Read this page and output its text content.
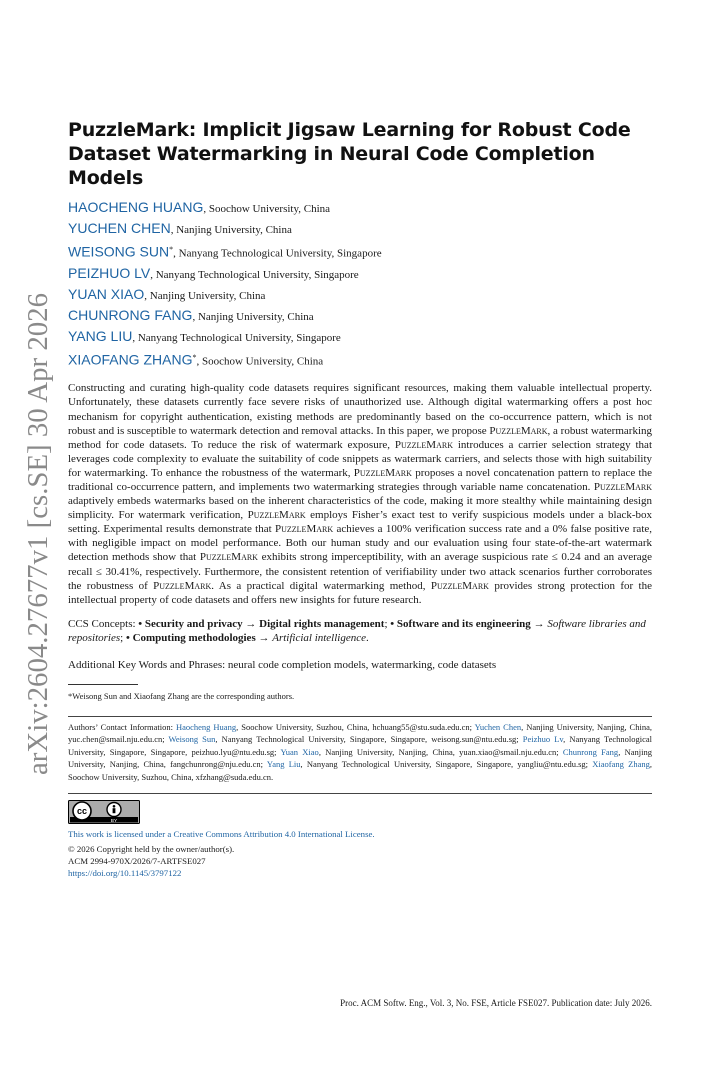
arXiv:2604.27677v1 [cs.SE] 30 Apr 2026
PuzzleMark: Implicit Jigsaw Learning for Robust Code
Dataset Watermarking in Neural Code Completion Models
HAOCHENG HUANG, Soochow University, China
YUCHEN CHEN, Nanjing University, China
WEISONG SUN*, Nanyang Technological University, Singapore
PEIZHUO LV, Nanyang Technological University, Singapore
YUAN XIAO, Nanjing University, China
CHUNRONG FANG, Nanjing University, China
YANG LIU, Nanyang Technological University, Singapore
XIAOFANG ZHANG*, Soochow University, China

Constructing and curating high-quality code datasets requires significant resources, making them valuable intellectual property. Unfortunately, these datasets currently face severe risks of unauthorized use. Although digital watermarking offers a post hoc mechanism for copyright authentication, existing methods are predominantly based on the co-occurrence pattern, which is not robust and is susceptible to watermark detection and removal attacks. In this paper, we propose PuzzleMark, a robust watermarking method for code datasets. To reduce the risk of watermark exposure, PuzzleMark introduces a carrier selection strategy that leverages code complexity to evaluate the suitability of code snippets as watermark carriers, and selects those with high suitability for watermarking. To enhance the robustness of the watermark, PuzzleMark proposes a novel concatenation pattern to replace the traditional co-occurrence pattern, and implements two watermarking strategies through variable name concatenation. PuzzleMark adaptively embeds watermarks based on the inherent characteristics of the code, making it more stealthy while maintaining design simplicity. For watermark verification, PuzzleMark employs Fisher’s exact test to verify suspicious models under a black-box setting. Experimental results demonstrate that PuzzleMark achieves a 100% verification success rate and a 0% false positive rate, with negligible impact on model performance. Both our human study and our evaluation using four state-of-the-art watermark detection methods show that PuzzleMark exhibits strong imperceptibility, with an average suspicious rate ≤ 0.24 and an average recall ≤ 30.41%, respectively. Furthermore, the consistent retention of verifiability under two attack scenarios further corroborates the robustness of PuzzleMark. As a practical digital watermarking method, PuzzleMark provides strong protection for the intellectual property of code datasets and offers new insights for future research.

CCS Concepts: • Security and privacy → Digital rights management; • Software and its engineering → Software libraries and repositories; • Computing methodologies → Artificial intelligence.

Additional Key Words and Phrases: neural code completion models, watermarking, code datasets

*Weisong Sun and Xiaofang Zhang are the corresponding authors.

Authors’ Contact Information: Haocheng Huang, Soochow University, Suzhou, China, hchuang55@stu.suda.edu.cn; Yuchen Chen, Nanjing University, Nanjing, China, yuc.chen@smail.nju.edu.cn; Weisong Sun, Nanyang Technological University, Singapore, Singapore, weisong.sun@ntu.edu.sg; Peizhuo Lv, Nanyang Technological University, Singapore, Singapore, peizhuo.lyu@ntu.edu.sg; Yuan Xiao, Nanjing University, Nanjing, China, yuan.xiao@smail.nju.edu.cn; Chunrong Fang, Nanjing University, Nanjing, China, fangchunrong@nju.edu.cn; Yang Liu, Nanyang Technological University, Singapore, Singapore, yangliu@ntu.edu.sg; Xiaofang Zhang, Soochow University, Suzhou, China, xfzhang@suda.edu.cn.

cc
BY

This work is licensed under a Creative Commons Attribution 4.0 International License.

© 2026 Copyright held by the owner/author(s).

ACM 2994-970X/2026/7-ARTFSE027

https://doi.org/10.1145/3797122

Proc. ACM Softw. Eng., Vol. 3, No. FSE, Article FSE027. Publication date: July 2026.
